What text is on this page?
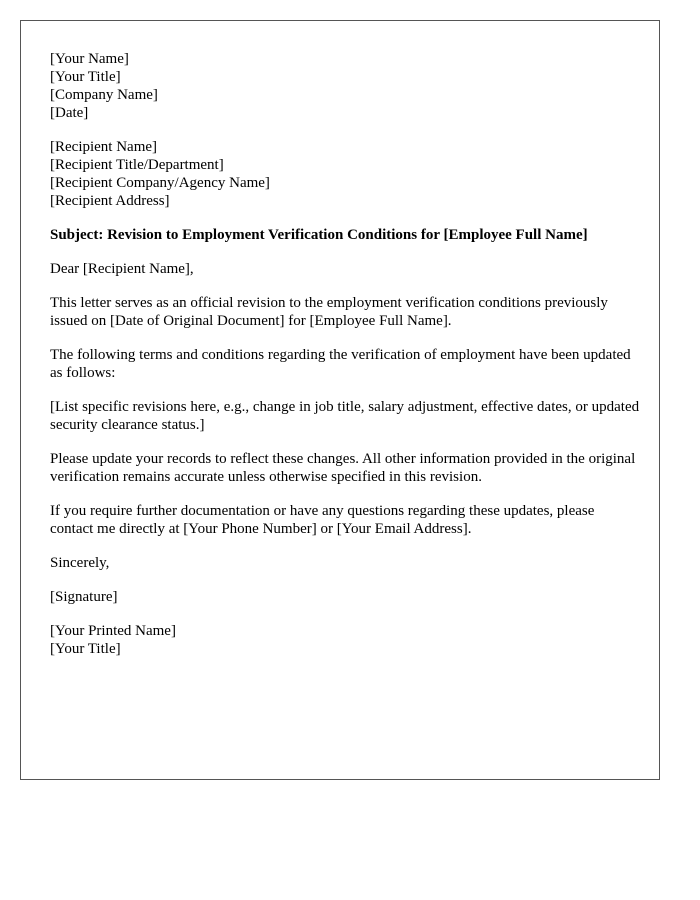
[Your Name]
[Your Title]
[Company Name]
[Date]
[Recipient Name]
[Recipient Title/Department]
[Recipient Company/Agency Name]
[Recipient Address]
Subject: Revision to Employment Verification Conditions for [Employee Full Name]

Dear [Recipient Name],

This letter serves as an official revision to the employment verification conditions previously issued on [Date of Original Document] for [Employee Full Name].

The following terms and conditions regarding the verification of employment have been updated as follows:

[List specific revisions here, e.g., change in job title, salary adjustment, effective dates, or updated security clearance status.]

Please update your records to reflect these changes. All other information provided in the original verification remains accurate unless otherwise specified in this revision.

If you require further documentation or have any questions regarding these updates, please contact me directly at [Your Phone Number] or [Your Email Address].

Sincerely,

[Signature]

[Your Printed Name]
[Your Title]
